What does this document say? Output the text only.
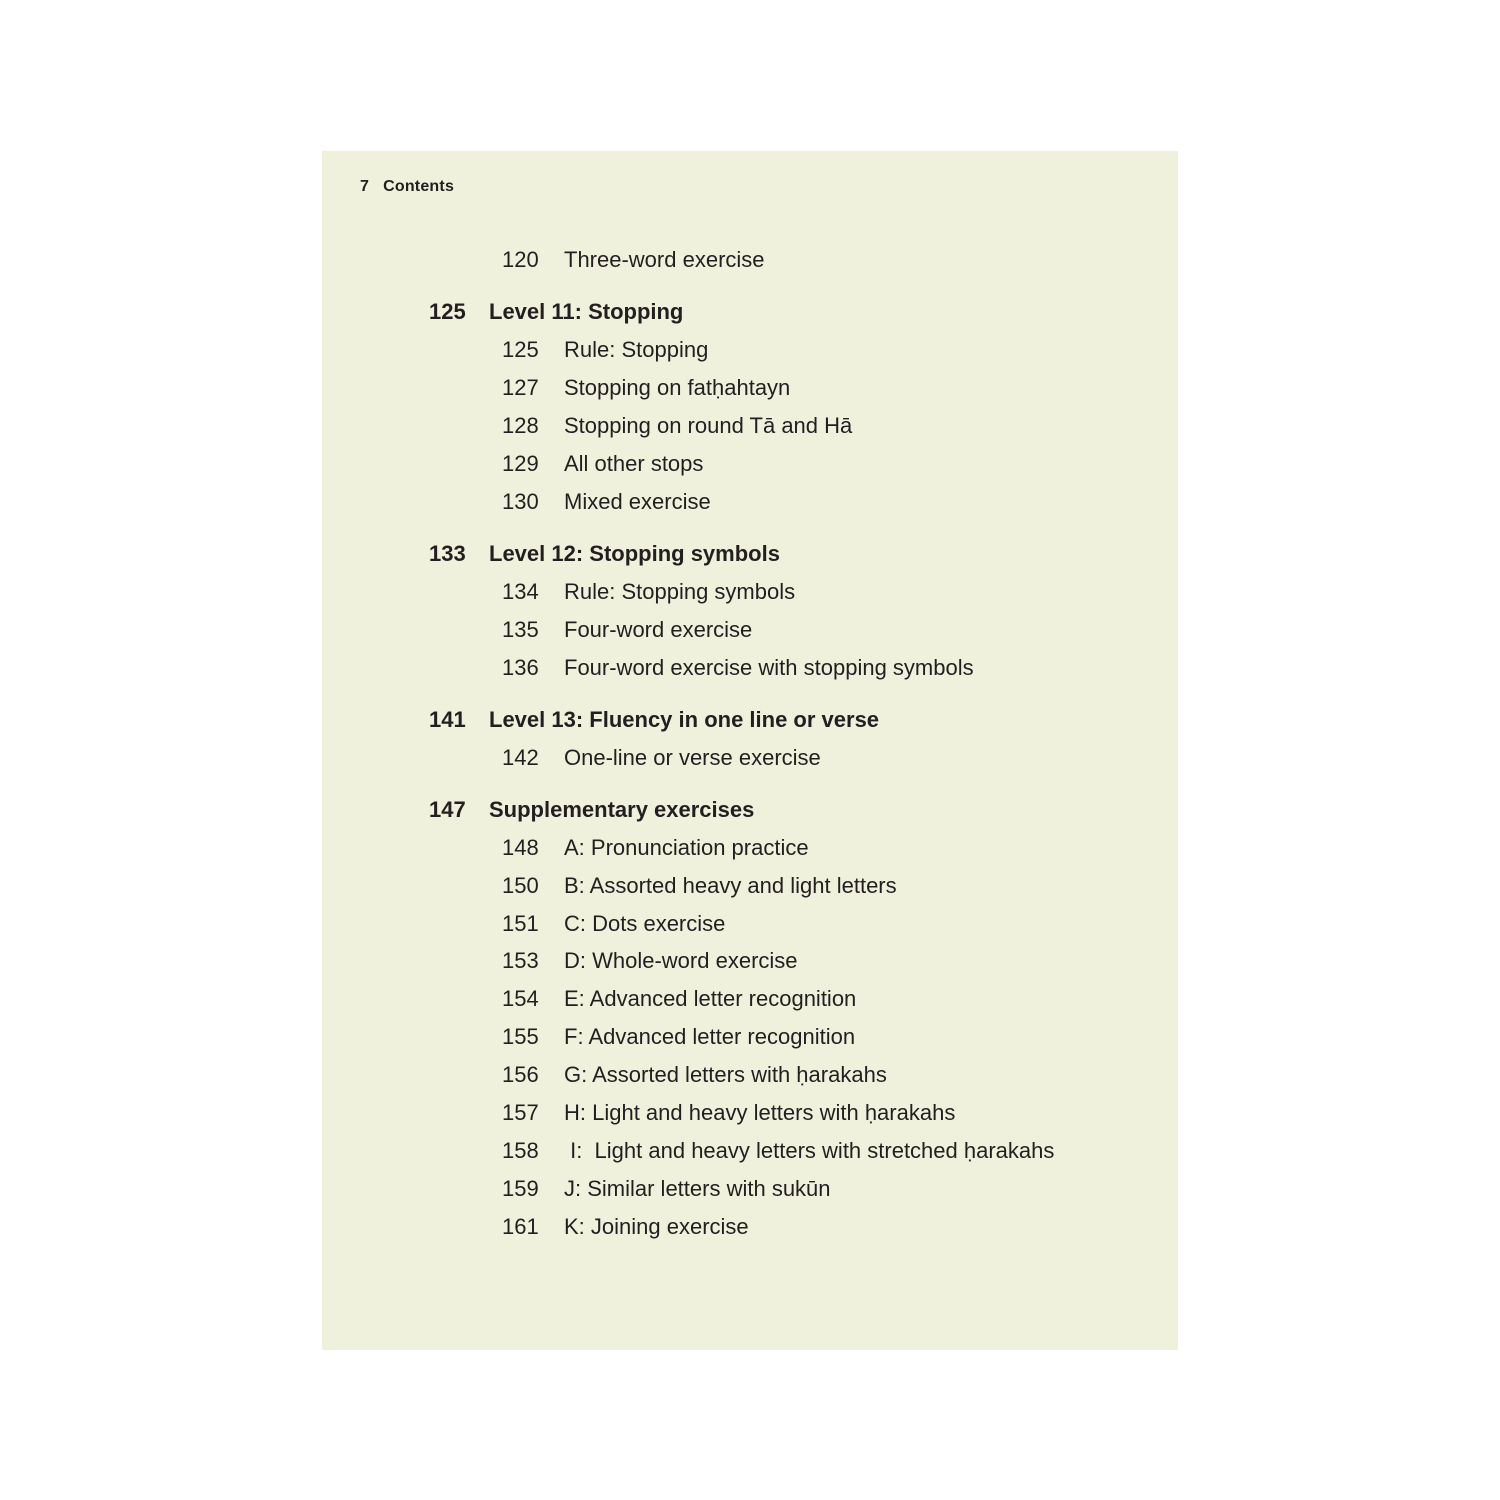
7 Contents
120 Three-word exercise
125 Level 11: Stopping
125 Rule: Stopping
127 Stopping on fatḥahtayn
128 Stopping on round Tā and Hā
129 All other stops
130 Mixed exercise
133 Level 12: Stopping symbols
134 Rule: Stopping symbols
135 Four-word exercise
136 Four-word exercise with stopping symbols
141 Level 13: Fluency in one line or verse
142 One-line or verse exercise
147 Supplementary exercises
148 A: Pronunciation practice
150 B: Assorted heavy and light letters
151 C: Dots exercise
153 D: Whole-word exercise
154 E: Advanced letter recognition
155 F: Advanced letter recognition
156 G: Assorted letters with ḥarakahs
157 H: Light and heavy letters with ḥarakahs
158 I:  Light and heavy letters with stretched ḥarakahs
159 J: Similar letters with sukūn
161 K: Joining exercise
